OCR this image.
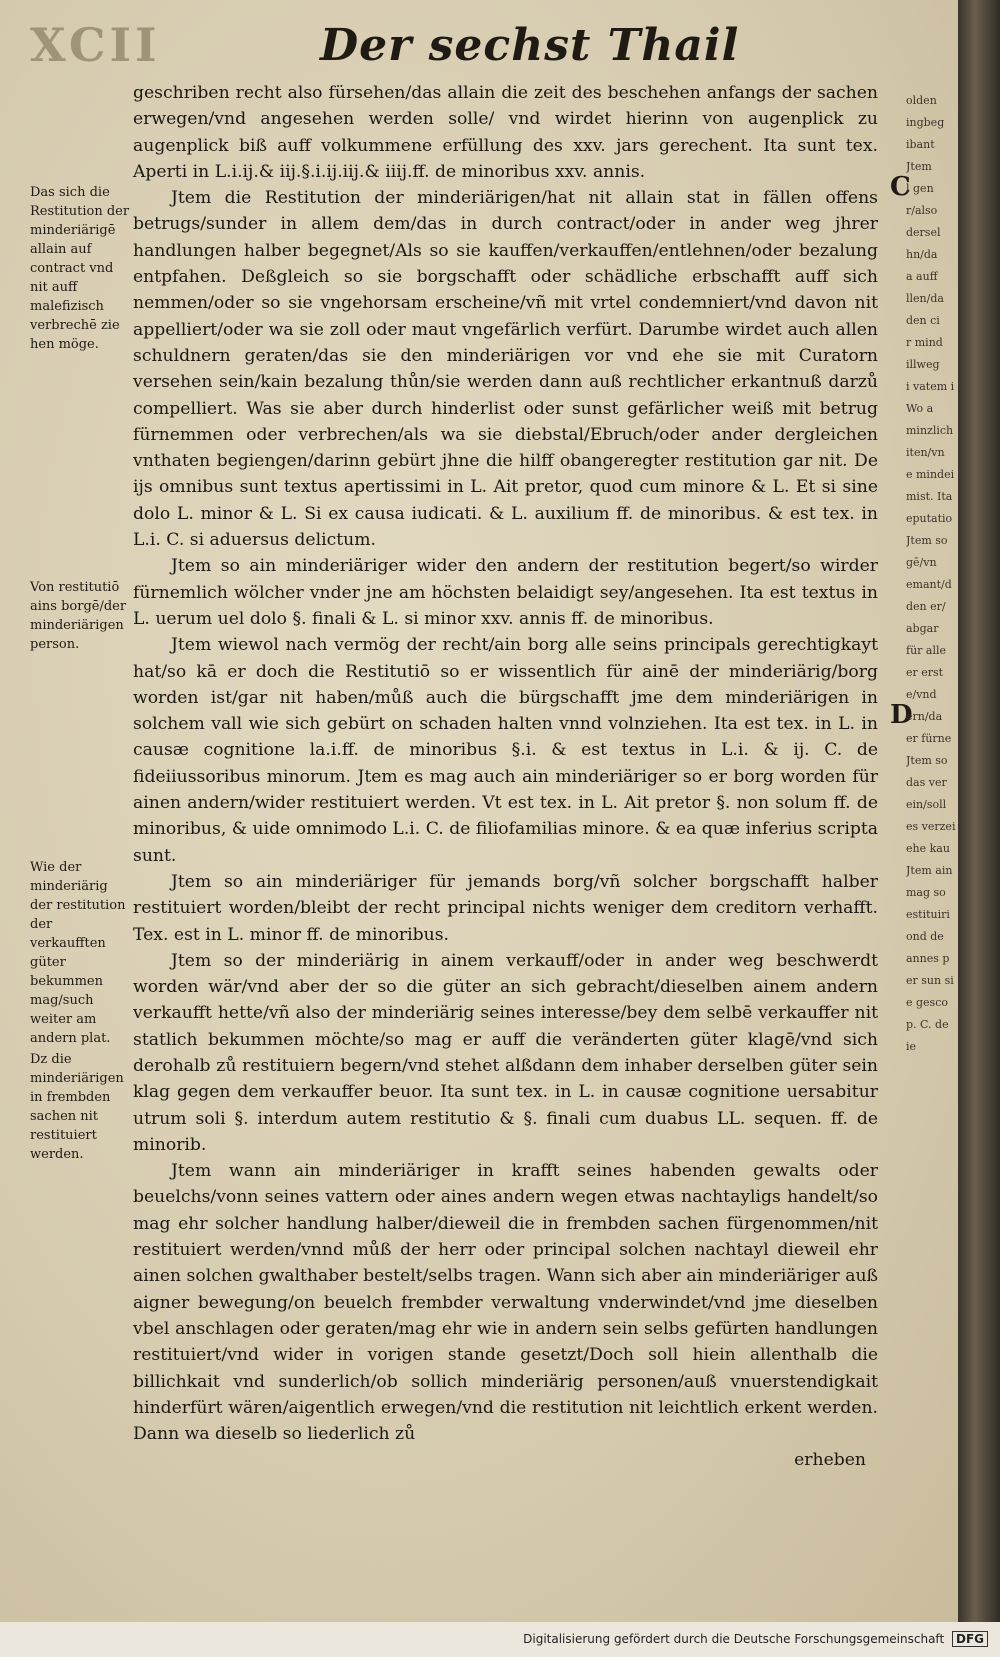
XCII	Der sechst Thail

geschriben recht also fürsehen/das allain die zeit des beschehen anfangs der sachen erwegen/vnd angesehen werden solle/ vnd wirdet hierinn von augenplick zu augenplick biß auff volkummene erfüllung des xxv. jars gerechent. Ita sunt tex. Aperti in L.i.ij.& iij.§.i.ij.iij.& iiij.ff. de minoribus xxv. annis.

Jtem die Restitution der minderiärigen/hat nit allain stat in fällen offens betrugs/sunder in allem dem/das in durch contract/oder in ander weg jhrer handlungen halber begegnet/Als so sie kauffen/verkauffen/entlehnen/oder bezalung entpfahen. Deßgleich so sie borgschafft oder schädliche erbschafft auff sich nemmen/oder so sie vngehorsam erscheine/vñ mit vrtel condemniert/vnd davon nit appelliert/oder wa sie zoll oder maut vngefärlich verfürt. Darumbe wirdet auch allen schuldnern geraten/das sie den minderiärigen vor vnd ehe sie mit Curatorn versehen sein/kain bezalung thůn/sie werden dann auß rechtlicher erkantnuß darzů compelliert. Was sie aber durch hinderlist oder sunst gefärlicher weiß mit betrug fürnemmen oder verbrechen/als wa sie diebstal/Ebruch/oder ander dergleichen vnthaten begiengen/darinn gebürt jhne die hilff obangeregter restitution gar nit. De ijs omnibus sunt textus apertissimi in L. Ait pretor, quod cum minore & L. Et si sine dolo L. minor & L. Si ex causa iudicati. & L. auxilium ff. de minoribus. & est tex. in L.i. C. si aduersus delictum.

Jtem so ain minderiäriger wider den andern der restitution begert/so wirder fürnemlich wölcher vnder jne am höchsten belaidigt sey/angesehen. Ita est textus in L. uerum uel dolo §. finali & L. si minor xxv. annis ff. de minoribus.

Jtem wiewol nach vermög der recht/ain borg alle seins principals gerechtigkayt hat/so kā er doch die Restitutiō so er wissentlich für ainē der minderiärig/borg worden ist/gar nit haben/můß auch die bürgschafft jme dem minderiärigen in solchem vall wie sich gebürt on schaden halten vnnd volnziehen. Ita est tex. in L. in causæ cognitione la.i.ff. de minoribus §.i. & est textus in L.i. & ij. C. de fideiiussoribus minorum. Jtem es mag auch ain minderiäriger so er borg worden für ainen andern/wider restituiert werden. Vt est tex. in L. Ait pretor §. non solum ff. de minoribus, & uide omnimodo L.i. C. de filiofamilias minore. & ea quæ inferius scripta sunt.

Jtem so ain minderiäriger für jemands borg/vñ solcher borgschafft halber restituiert worden/bleibt der recht principal nichts weniger dem creditorn verhafft. Tex. est in L. minor ff. de minoribus.

Jtem so der minderiärig in ainem verkauff/oder in ander weg beschwerdt worden wär/vnd aber der so die güter an sich gebracht/dieselben ainem andern verkaufft hette/vñ also der minderiärig seines interesse/bey dem selbē verkauffer nit statlich bekummen möchte/so mag er auff die veränderten güter klagē/vnd sich derohalb zů restituiern begern/vnd stehet alßdann dem inhaber derselben güter sein klag gegen dem verkauffer beuor. Ita sunt tex. in L. in causæ cognitione uersabitur utrum soli §. interdum autem restitutio & §. finali cum duabus LL. sequen. ff. de minorib.

Jtem wann ain minderiäriger in krafft seines habenden gewalts oder beuelchs/vonn seines vattern oder aines andern wegen etwas nachtayligs handelt/so mag ehr solcher handlung halber/dieweil die in frembden sachen fürgenommen/nit restituiert werden/vnnd můß der herr oder principal solchen nachtayl dieweil ehr ainen solchen gwalthaber bestelt/selbs tragen. Wann sich aber ain minderiäriger auß aigner bewegung/on beuelch frembder verwaltung vnderwindet/vnd jme dieselben vbel anschlagen oder geraten/mag ehr wie in andern sein selbs gefürten handlungen restituiert/vnd wider in vorigen stande gesetzt/Doch soll hiein allenthalb die billichkait vnd sunderlich/ob sollich minderiärig personen/auß vnuerstendigkait hinderfürt wären/aigentlich erwegen/vnd die restitution nit leichtlich erkent werden. Dann wa dieselb so liederlich zů

erheben

Das sich die Restitution der minderiärigē allain auf contract vnd nit auff malefizisch verbrechē zie hen möge.
Von restitutiō ains borgē/der minderiärigen person.
Wie der minderiärig der restitution der verkaufften güter bekummen mag/such weiter am andern plat.
Dz die minderiärigen in frembden sachen nit restituiert werden.
C
D
olden
ingbeg
ibant
Jtem
l gen
r/also
dersel
hn/da
a auff
llen/da
den ci
r mind
illweg
i vatem i
Wo a
minzlich
iten/vn
e mindei
mist. Ita
eputatio
Jtem so
gē/vn
emant/d
den er/
abgar
für alle
er erst
e/vnd
ern/da
er fürne
Jtem so
das ver
ein/soll
es verzei
ehe kau
Jtem ain
mag so
estituiri
ond de
annes p
er sun si
e gesco
p. C. de
ie
Digitalisierung gefördert durch die Deutsche Forschungsgemeinschaft DFG
